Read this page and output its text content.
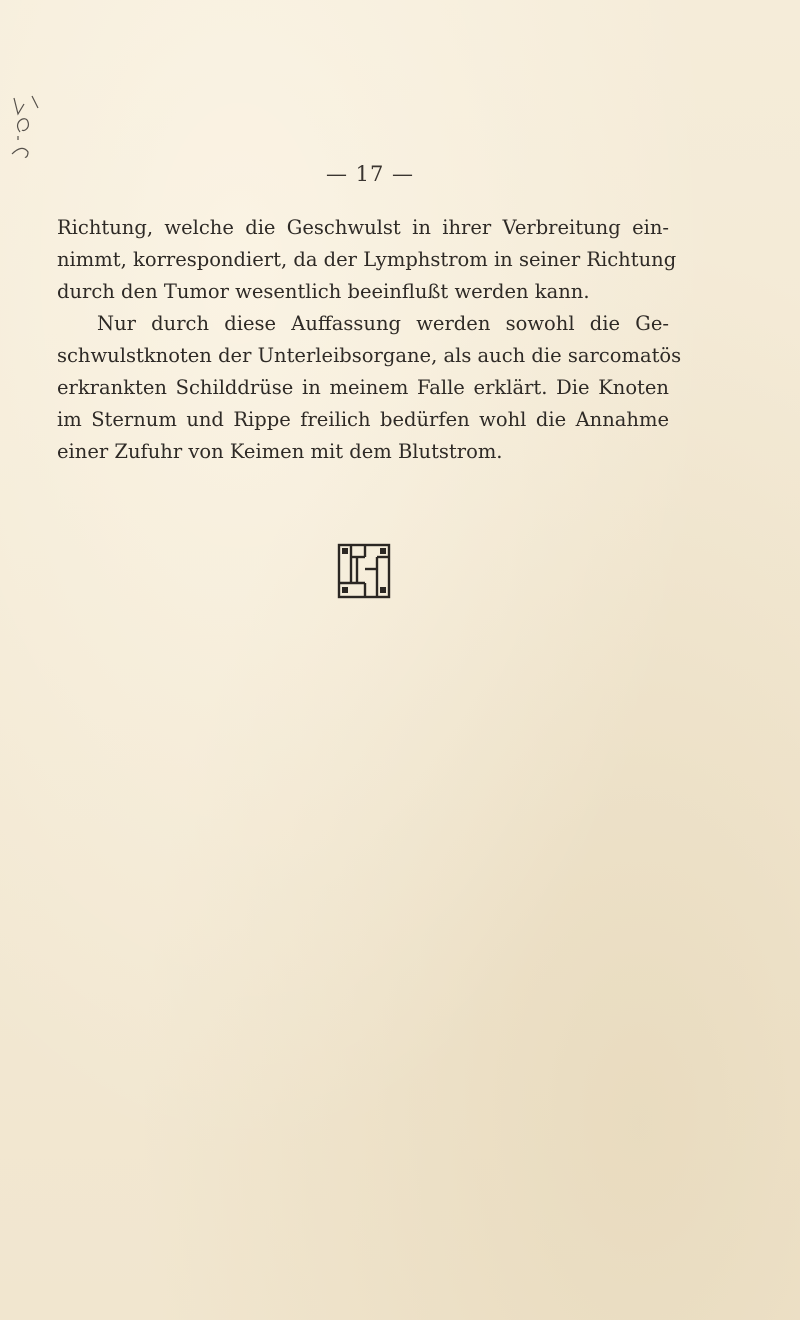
— 17 —
Richtung, welche die Geschwulst in ihrer Verbreitung ein-
nimmt, korrespondiert, da der Lymphstrom in seiner Richtung
durch den Tumor wesentlich beeinflußt werden kann.
Nur durch diese Auffassung werden sowohl die Ge-
schwulstknoten der Unterleibsorgane, als auch die sarcomatös
erkrankten Schilddrüse in meinem Falle erklärt. Die Knoten
im Sternum und Rippe freilich bedürfen wohl die Annahme
einer Zufuhr von Keimen mit dem Blutstrom.
